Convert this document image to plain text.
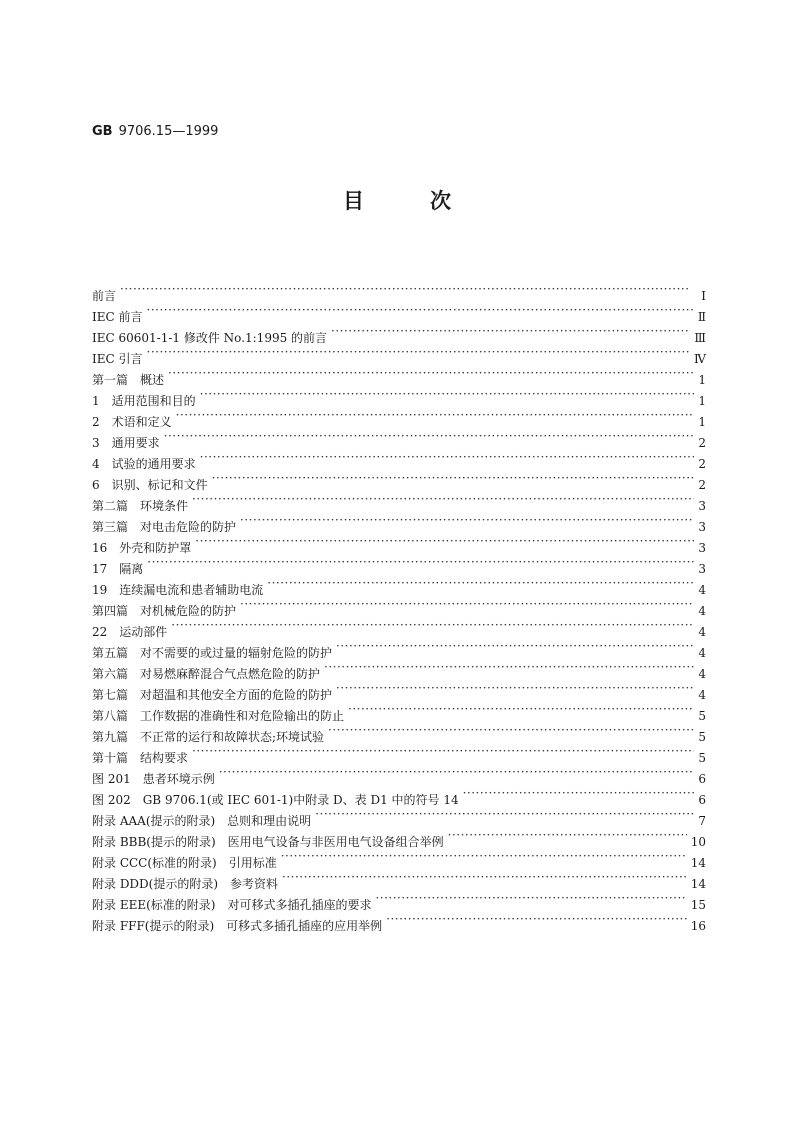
GB 9706.15—1999
目次
前言 ·····	Ⅰ
IEC 前言 ·····	Ⅱ
IEC 60601-1-1 修改件 No.1:1995 的前言 ·····	Ⅲ
IEC 引言 ·····	Ⅳ
第一篇　概述 ·····	1
1　适用范围和目的 ·····	1
2　术语和定义 ·····	1
3　通用要求 ·····	2
4　试验的通用要求 ·····	2
6　识别、标记和文件 ·····	2
第二篇　环境条件 ·····	3
第三篇　对电击危险的防护 ·····	3
16　外壳和防护罩 ·····	3
17　隔离 ·····	3
19　连续漏电流和患者辅助电流 ·····	4
第四篇　对机械危险的防护 ·····	4
22　运动部件 ·····	4
第五篇　对不需要的或过量的辐射危险的防护 ·····	4
第六篇　对易燃麻醉混合气点燃危险的防护 ·····	4
第七篇　对超温和其他安全方面的危险的防护 ·····	4
第八篇　工作数据的准确性和对危险输出的防止 ·····	5
第九篇　不正常的运行和故障状态;环境试验 ·····	5
第十篇　结构要求 ·····	5
图 201　患者环境示例 ·····	6
图 202　GB 9706.1(或 IEC 601-1)中附录 D、表 D1 中的符号 14 ·····	6
附录 AAA(提示的附录)　总则和理由说明 ·····	7
附录 BBB(提示的附录)　医用电气设备与非医用电气设备组合举例 ·····	10
附录 CCC(标准的附录)　引用标准 ·····	14
附录 DDD(提示的附录)　参考资料 ·····	14
附录 EEE(标准的附录)　对可移式多插孔插座的要求 ·····	15
附录 FFF(提示的附录)　可移式多插孔插座的应用举例 ·····	16
